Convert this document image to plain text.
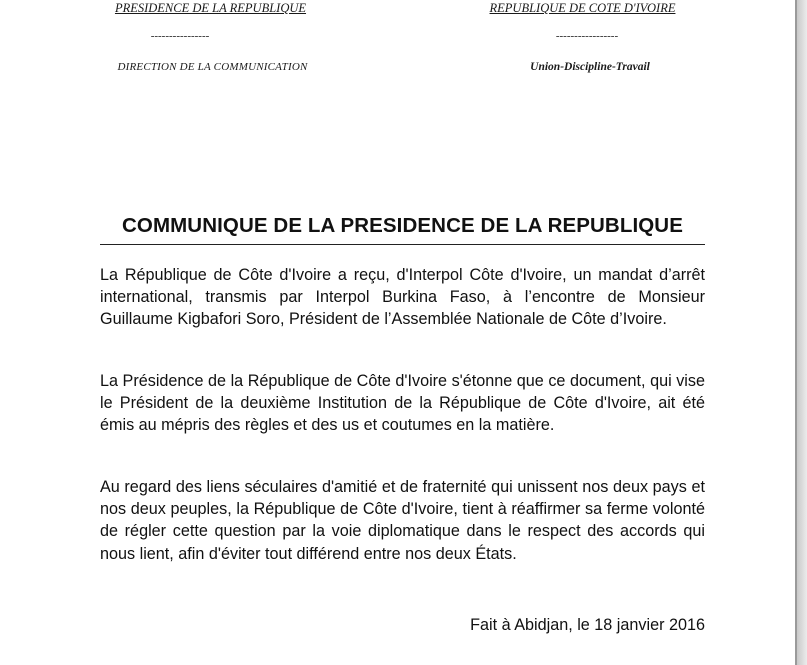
PRESIDENCE DE LA REPUBLIQUE
----------------
DIRECTION DE LA COMMUNICATION
REPUBLIQUE DE COTE D'IVOIRE
-----------------
Union-Discipline-Travail
COMMUNIQUE DE LA PRESIDENCE DE LA REPUBLIQUE
La République de Côte d'Ivoire a reçu, d'Interpol Côte d'Ivoire, un mandat d’arrêt international, transmis par Interpol Burkina Faso, à l’encontre de Monsieur Guillaume Kigbafori Soro, Président de l’Assemblée Nationale de Côte d’Ivoire.
La Présidence de la République de Côte d'Ivoire s'étonne que ce document, qui vise le Président de la deuxième Institution de la République de Côte d'Ivoire, ait été émis au mépris des règles et des us et coutumes en la matière.
Au regard des liens séculaires d'amitié et de fraternité qui unissent nos deux pays et nos deux peuples, la République de Côte d'Ivoire, tient à réaffirmer sa ferme volonté de régler cette question par la voie diplomatique dans le respect des accords qui nous lient, afin d'éviter tout différend entre nos deux États.
Fait à Abidjan, le 18 janvier 2016
